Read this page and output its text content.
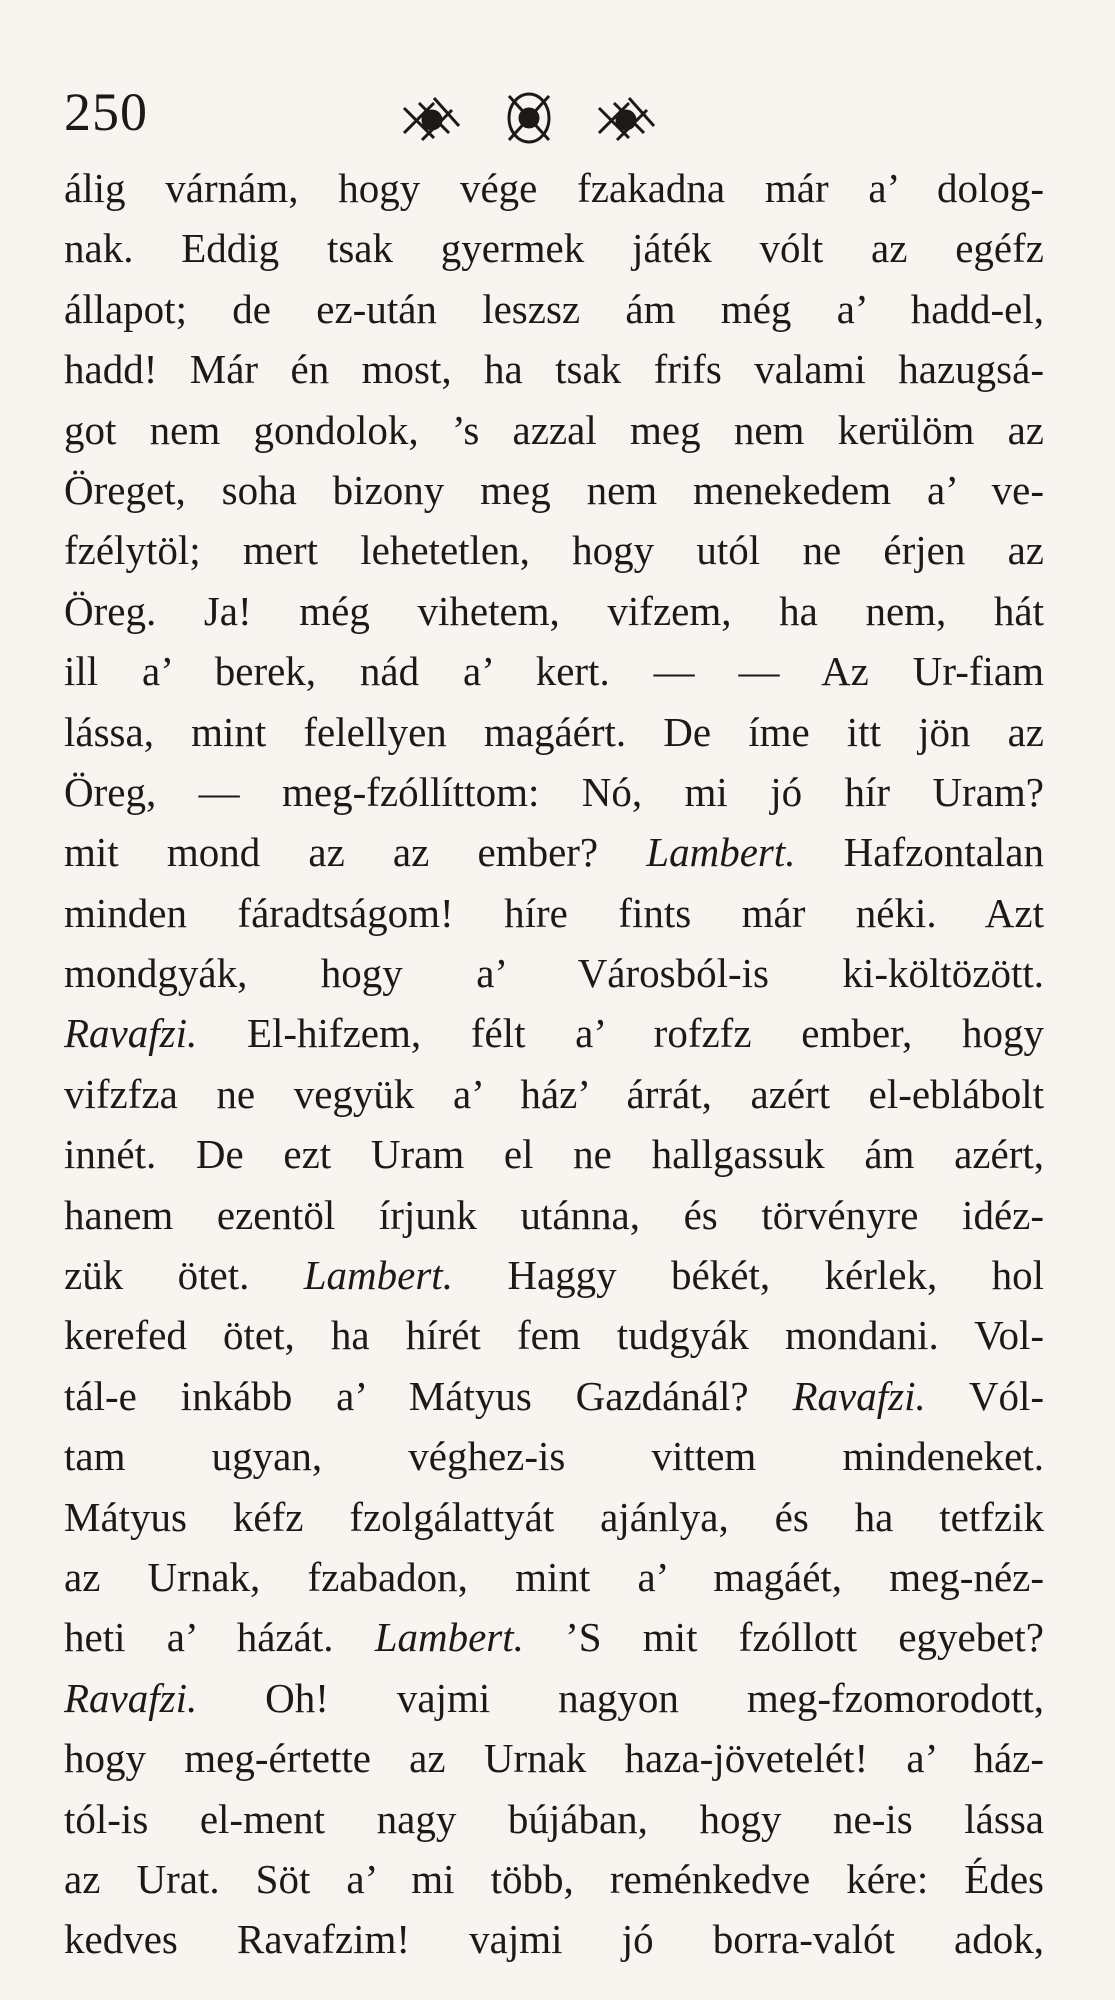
250
álig várnám, hogy vége fzakadna már a’ dolog-
nak. Eddig tsak gyermek játék vólt az egéfz
állapot; de ez-után leszsz ám még a’ hadd-el,
hadd! Már én most, ha tsak frifs valami hazugsá-
got nem gondolok, ’s azzal meg nem kerülöm az
Öreget, soha bizony meg nem menekedem a’ ve-
fzélytöl; mert lehetetlen, hogy utól ne érjen az
Öreg. Ja! még vihetem, vifzem, ha nem, hát
ill a’ berek, nád a’ kert. — — Az Ur-fiam
lássa, mint felellyen magáért. De íme itt jön az
Öreg, — meg-fzóllíttom: Nó, mi jó hír Uram?
mit mond az az ember? Lambert. Hafzontalan
minden fáradtságom! híre fints már néki. Azt
mondgyák, hogy a’ Városból-is ki-költözött.
Ravafzi. El-hifzem, félt a’ rofzfz ember, hogy
vifzfza ne vegyük a’ ház’ árrát, azért el-eblábolt
innét. De ezt Uram el ne hallgassuk ám azért,
hanem ezentöl írjunk utánna, és törvényre idéz-
zük ötet. Lambert. Haggy békét, kérlek, hol
kerefed ötet, ha hírét fem tudgyák mondani. Vol-
tál-e inkább a’ Mátyus Gazdánál? Ravafzi. Vól-
tam ugyan, véghez-is vittem mindeneket.
Mátyus kéfz fzolgálattyát ajánlya, és ha tetfzik
az Urnak, fzabadon, mint a’ magáét, meg-néz-
heti a’ házát. Lambert. ’S mit fzóllott egyebet?
Ravafzi. Oh! vajmi nagyon meg-fzomorodott,
hogy meg-értette az Urnak haza-jövetelét! a’ ház-
tól-is el-ment nagy bújában, hogy ne-is lássa
az Urat. Söt a’ mi több, reménkedve kére: Édes
kedves Ravafzim! vajmi jó borra-valót adok,
